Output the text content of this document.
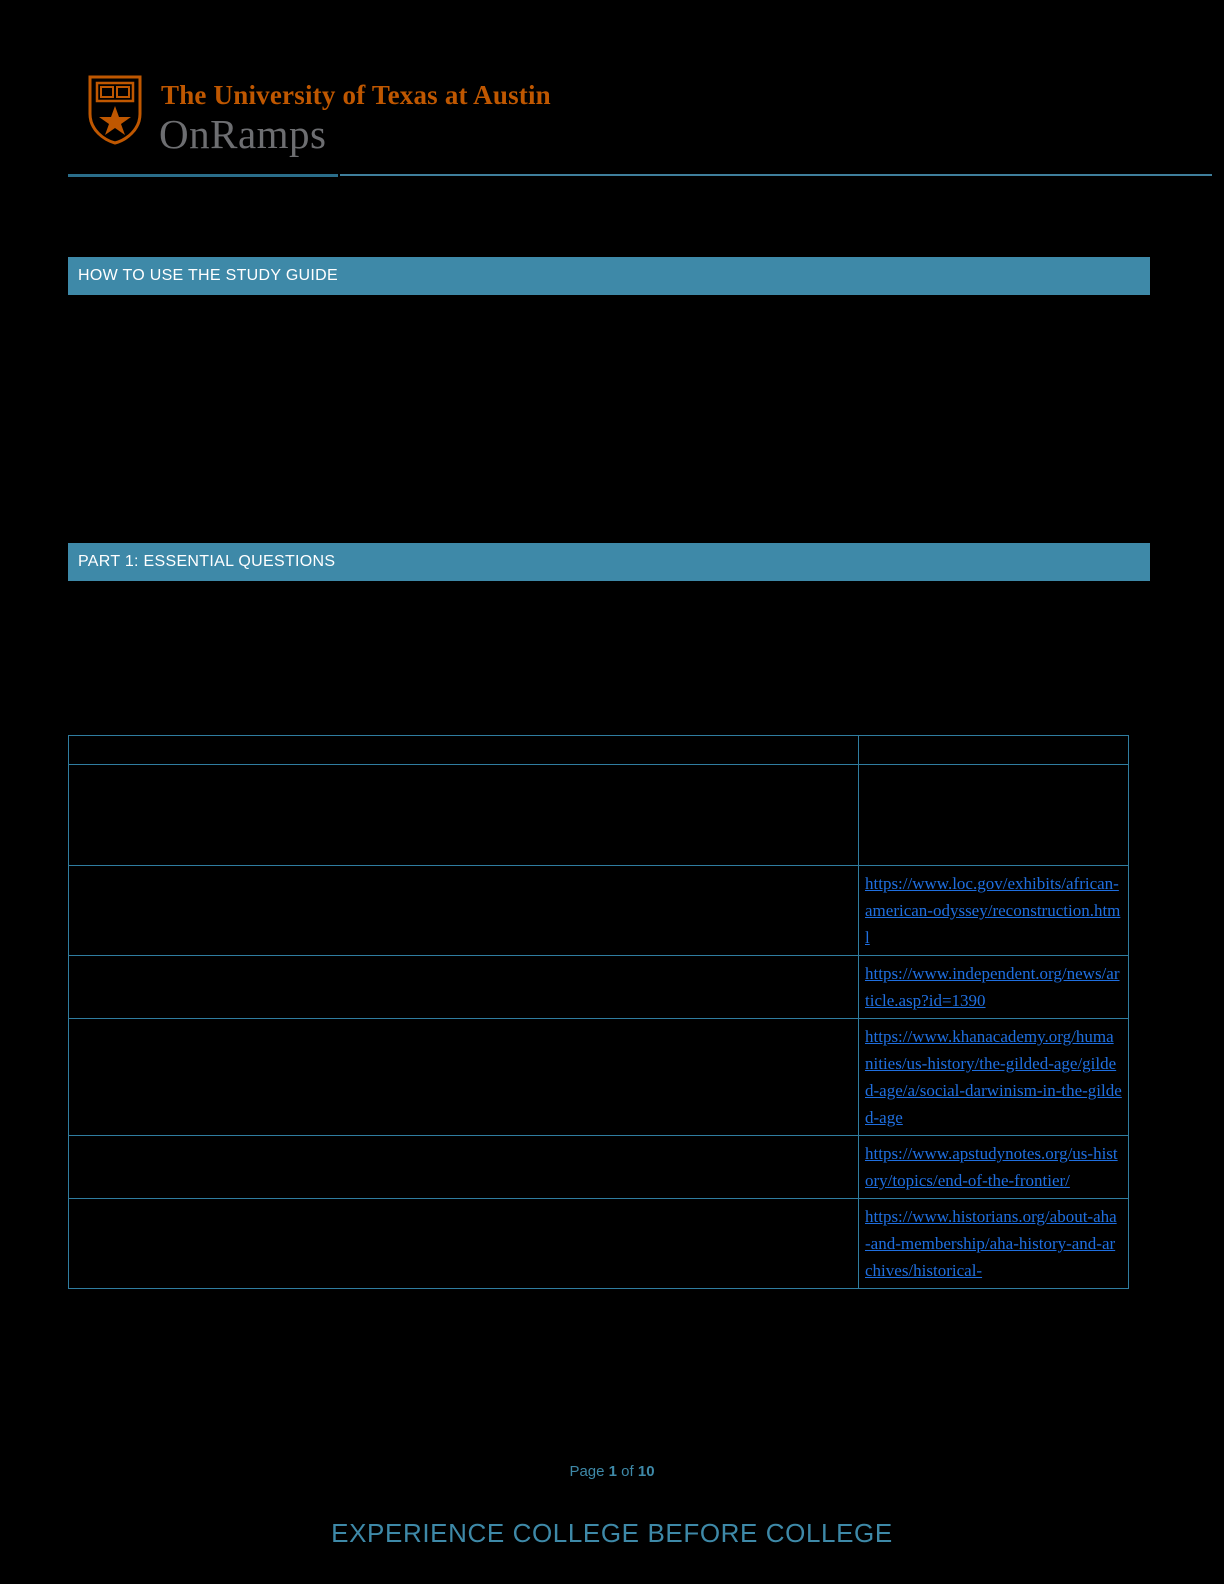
The University of Texas at Austin
OnRamps
HOW TO USE THE STUDY GUIDE
PART 1: ESSENTIAL QUESTIONS

	https://www.loc.gov/exhibits/african-american-odyssey/reconstruction.html
	https://www.independent.org/news/article.asp?id=1390
	https://www.khanacademy.org/humanities/us-history/the-gilded-age/gilded-age/a/social-darwinism-in-the-gilded-age
	https://www.apstudynotes.org/us-history/topics/end-of-the-frontier/
	https://www.historians.org/about-aha-and-membership/aha-history-and-archives/historical-
Page 1 of 10
EXPERIENCE COLLEGE BEFORE COLLEGE
